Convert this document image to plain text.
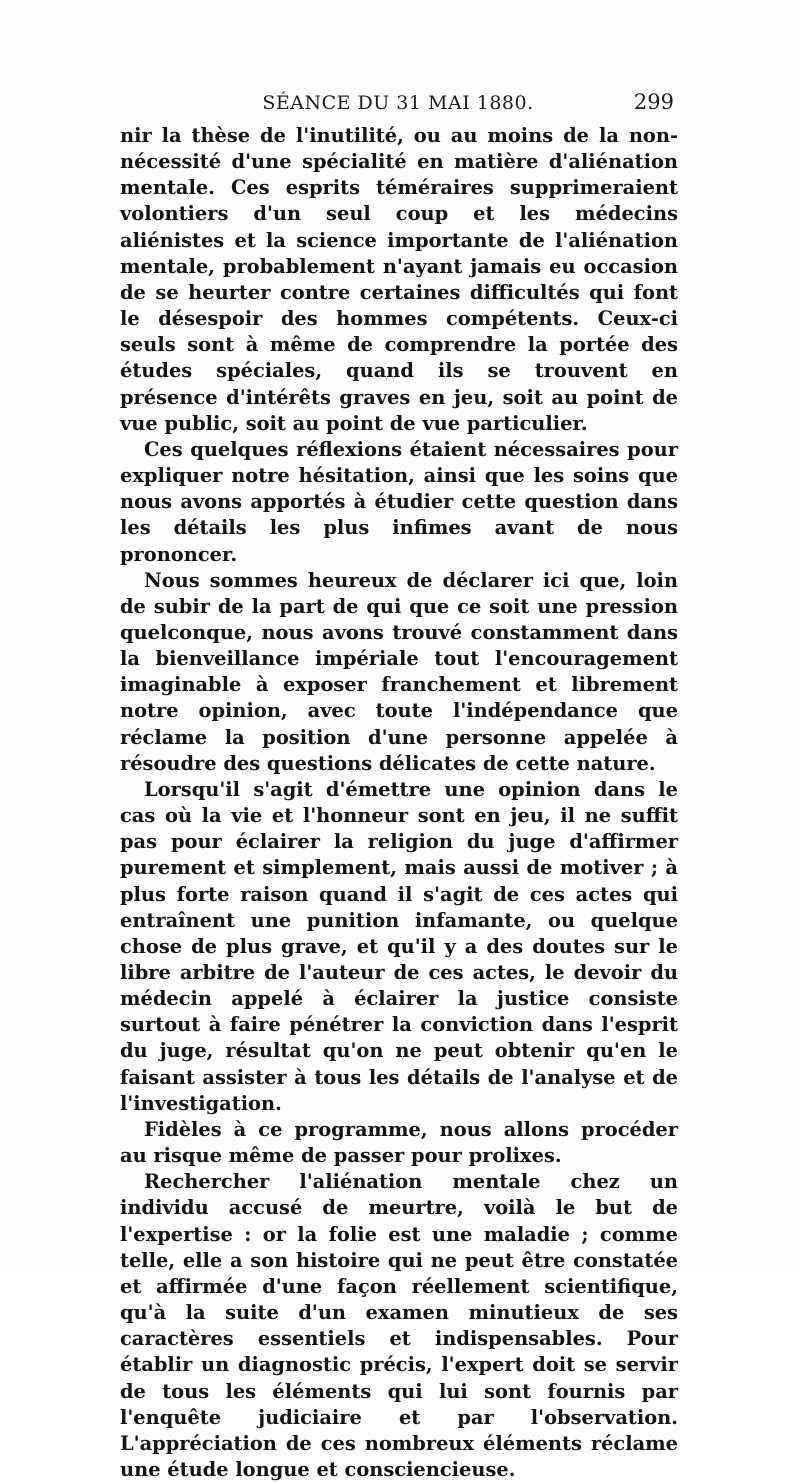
SÉANCE DU 31 MAI 1880.	299

nir la thèse de l'inutilité, ou au moins de la non-nécessité d'une spécialité en matière d'aliénation mentale. Ces esprits téméraires supprimeraient volontiers d'un seul coup et les médecins aliénistes et la science importante de l'aliénation mentale, probablement n'ayant jamais eu occasion de se heurter contre certaines difficultés qui font le désespoir des hommes compétents. Ceux-ci seuls sont à même de comprendre la portée des études spéciales, quand ils se trouvent en présence d'intérêts graves en jeu, soit au point de vue public, soit au point de vue particulier.

Ces quelques réflexions étaient nécessaires pour expliquer notre hésitation, ainsi que les soins que nous avons apportés à étudier cette question dans les détails les plus infimes avant de nous prononcer.

Nous sommes heureux de déclarer ici que, loin de subir de la part de qui que ce soit une pression quelconque, nous avons trouvé constamment dans la bienveillance impériale tout l'encouragement imaginable à exposer franchement et librement notre opinion, avec toute l'indépendance que réclame la position d'une personne appelée à résoudre des questions délicates de cette nature.

Lorsqu'il s'agit d'émettre une opinion dans le cas où la vie et l'honneur sont en jeu, il ne suffit pas pour éclairer la religion du juge d'affirmer purement et simplement, mais aussi de motiver ; à plus forte raison quand il s'agit de ces actes qui entraînent une punition infamante, ou quelque chose de plus grave, et qu'il y a des doutes sur le libre arbitre de l'auteur de ces actes, le devoir du médecin appelé à éclairer la justice consiste surtout à faire pénétrer la conviction dans l'esprit du juge, résultat qu'on ne peut obtenir qu'en le faisant assister à tous les détails de l'analyse et de l'investigation.

Fidèles à ce programme, nous allons procéder au risque même de passer pour prolixes.

Rechercher l'aliénation mentale chez un individu accusé de meurtre, voilà le but de l'expertise : or la folie est une maladie ; comme telle, elle a son histoire qui ne peut être constatée et affirmée d'une façon réellement scientifique, qu'à la suite d'un examen minutieux de ses caractères essentiels et indispensables. Pour établir un diagnostic précis, l'expert doit se servir de tous les éléments qui lui sont fournis par l'enquête judiciaire et par l'observation. L'appréciation de ces nombreux éléments réclame une étude longue et consciencieuse.
